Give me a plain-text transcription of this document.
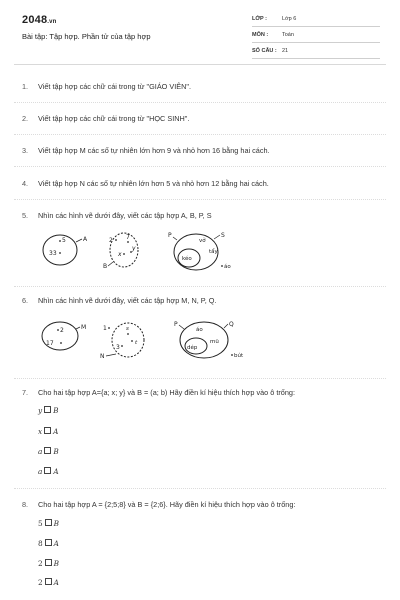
2048.vn
Bài tập: Tập hợp. Phần tử của tập hợp
LỚP :	Lớp 6
MÔN :	Toán
SỐ CÂU : 21
1. Viết tập hợp các chữ cái trong từ "GIÁO VIÊN".
2. Viết tập hợp các chữ cái trong từ "HỌC SINH".
3. Viết tập hợp M các số tự nhiên lớn hơn 9 và nhỏ hơn 16 bằng hai cách.
4. Viết tập hợp N các số tự nhiên lớn hơn 5 và nhỏ hơn 12 bằng hai cách.
5. Nhìn các hình vẽ dưới đây, viết các tập hợp A, B, P, S
5
33
A	2 7
x
y
B
vở
tẩy
kéo
S
P
áo
6. Nhìn các hình vẽ dưới đây, viết các tập hợp M, N, P, Q.
2
17
M	1	s
t
3
N
áo
mũ
dép
Q
P
bút
7. Cho hai tập hợp A={a; x; y} và B = (a; b) Hãy điền kí hiệu thích hợp vào ô trống:
y B
x A
a B
a A
8. Cho hai tập hợp A = {2;5;8} và B = {2;6}. Hãy điền kí hiệu thích hợp vào ô trống:
5 B
8 A
2 B
2 A
